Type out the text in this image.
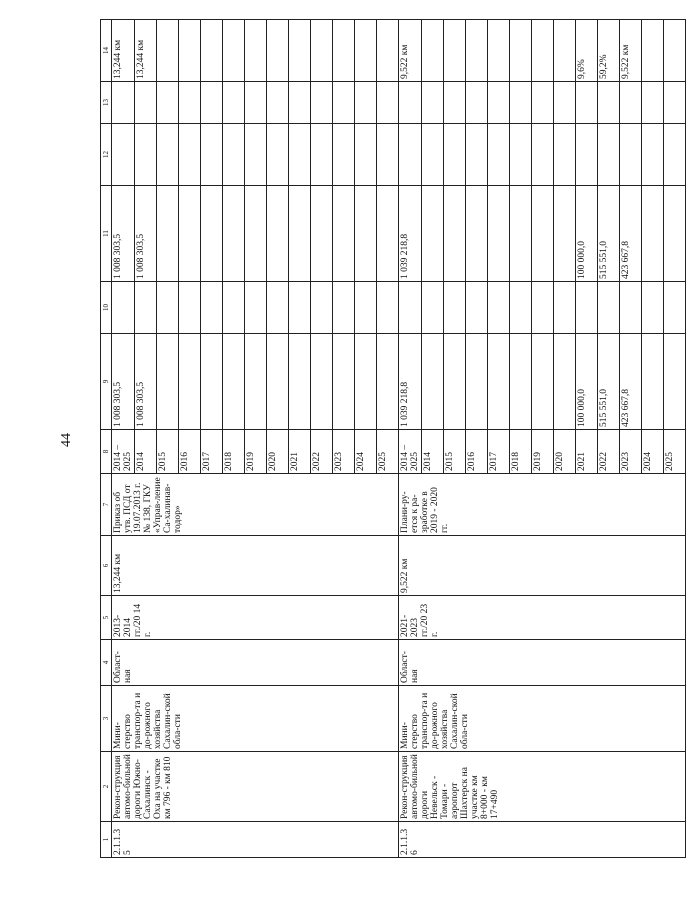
44
1	2	3	4	5	6	7	8	9	10	11	12	13	14
2.1.1.3 5	Рекон-струкция автомо-бильной дороги Южно-Сахалинск - Оха на участке км 796 - км 810	Мини-стерство транспор-та и до-рожного хозяйства Сахалин-ской обла-сти	Област-ная	2013-2014 гг./20 14 г.	13,244 км	Приказ об утв. ПСД от 19.07.2013 г. № 138, ГКУ «Управ-ление Са-халинав-тодор»	2014 – 2025	1 008 303,5		1 008 303,5			13,244 км
							2014	1 008 303,5		1 008 303,5			13,244 км
							2015						
							2016						
							2017						
							2018						
							2019						
							2020						
							2021						
							2022						
							2023						
							2024						
							2025						
2.1.1.3 6	Рекон-струкция автомо-бильной дороги Невельск - Томари - аэропорт Шахтерск на участке км 8+000 - км 17+490	Мини-стерство транспор-та и до-рожного хозяйства Сахалин-ской обла-сти	Област-ная	2021-2023 гг./20 23 г.	9,522 км	Плани-ру-ется к ра-зработке в 2019 - 2020 гг.	2014 – 2025	1 039 218,8		1 039 218,8			9,522 км
							2014						
							2015						
							2016						
							2017						
							2018						
							2019						
							2020						
							2021	100 000,0		100 000,0			9,6%
							2022	515 551,0		515 551,0			59,2%
							2023	423 667,8		423 667,8			9,522 км
							2024						
							2025						
